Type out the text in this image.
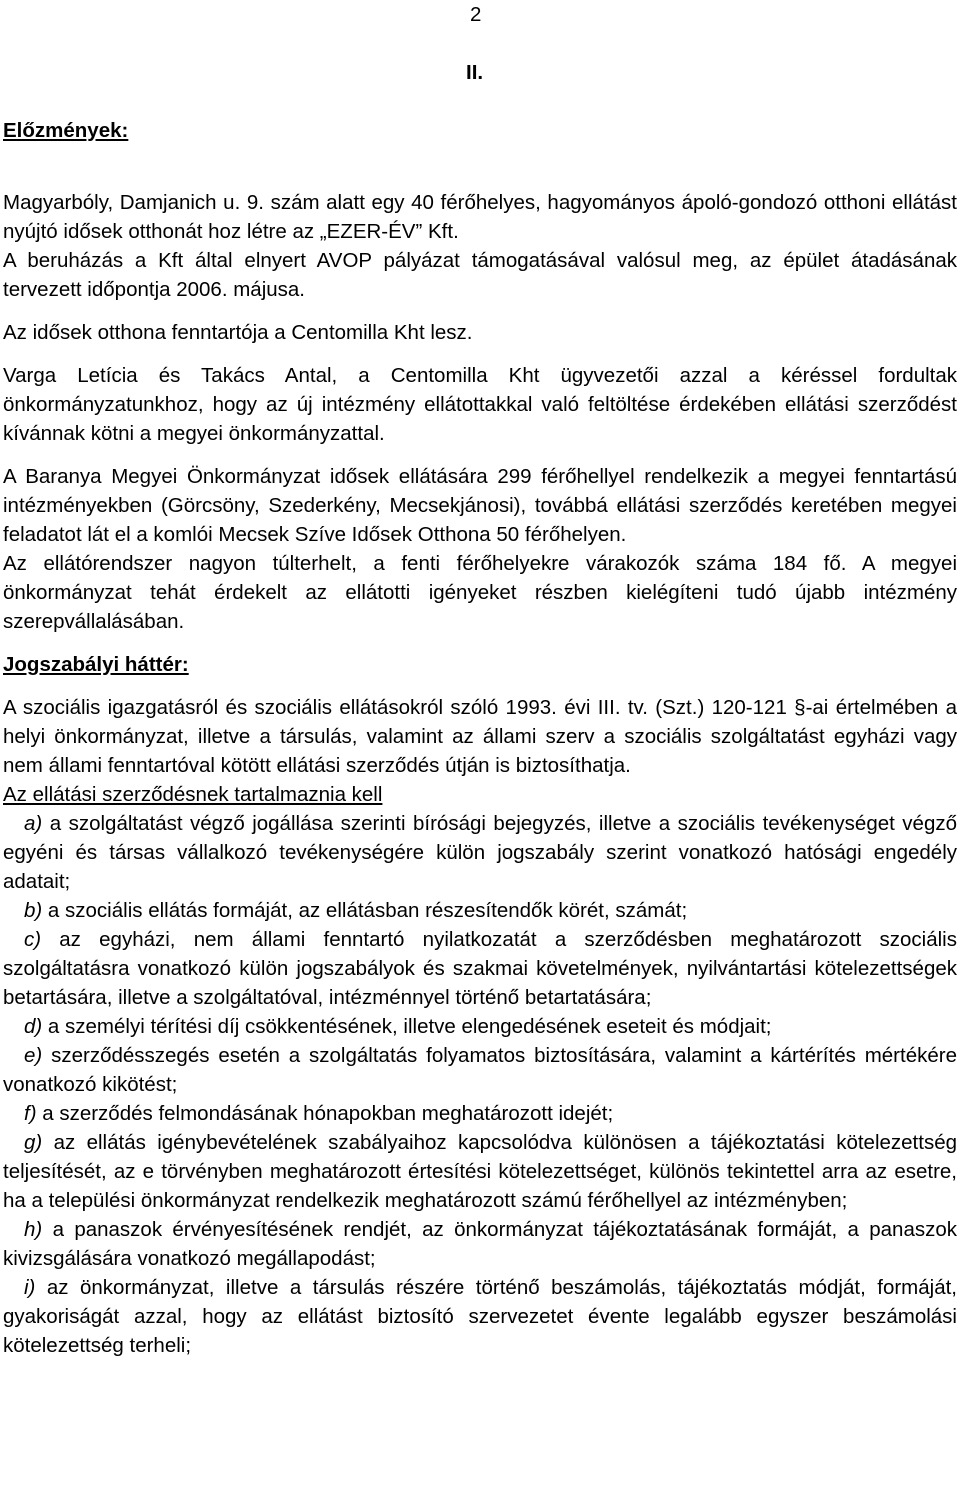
2
II.

Előzmények:

Magyarbóly, Damjanich u. 9. szám alatt egy 40 férőhelyes, hagyományos ápoló-gondozó otthoni ellátást nyújtó idősek otthonát hoz létre az „EZER-ÉV” Kft.

A beruházás a Kft által elnyert AVOP pályázat támogatásával valósul meg, az épület átadásának tervezett időpontja 2006. májusa.

Az idősek otthona fenntartója a Centomilla Kht lesz.

Varga Letícia és Takács Antal, a Centomilla Kht ügyvezetői azzal a kéréssel fordultak önkormányzatunkhoz, hogy az új intézmény ellátottakkal való feltöltése érdekében ellátási szerződést kívánnak kötni a megyei önkormányzattal.

A Baranya Megyei Önkormányzat idősek ellátására 299 férőhellyel rendelkezik a megyei fenntartású intézményekben (Görcsöny, Szederkény, Mecsekjánosi), továbbá ellátási szerződés keretében megyei feladatot lát el a komlói Mecsek Szíve Idősek Otthona 50 férőhelyen.

Az ellátórendszer nagyon túlterhelt, a fenti férőhelyekre várakozók száma 184 fő. A megyei önkormányzat tehát érdekelt az ellátotti igényeket részben kielégíteni tudó újabb intézmény szerepvállalásában.

Jogszabályi háttér:

A szociális igazgatásról és szociális ellátásokról szóló 1993. évi III. tv. (Szt.) 120-121 §-ai értelmében a helyi önkormányzat, illetve a társulás, valamint az állami szerv a szociális szolgáltatást egyházi vagy nem állami fenntartóval kötött ellátási szerződés útján is biztosíthatja.

Az ellátási szerződésnek tartalmaznia kell

a) a szolgáltatást végző jogállása szerinti bírósági bejegyzés, illetve a szociális tevékenységet végző egyéni és társas vállalkozó tevékenységére külön jogszabály szerint vonatkozó hatósági engedély adatait;

b) a szociális ellátás formáját, az ellátásban részesítendők körét, számát;

c) az egyházi, nem állami fenntartó nyilatkozatát a szerződésben meghatározott szociális szolgáltatásra vonatkozó külön jogszabályok és szakmai követelmények, nyilvántartási kötelezettségek betartására, illetve a szolgáltatóval, intézménnyel történő betartatására;

d) a személyi térítési díj csökkentésének, illetve elengedésének eseteit és módjait;

e) szerződésszegés esetén a szolgáltatás folyamatos biztosítására, valamint a kártérítés mértékére vonatkozó kikötést;

f) a szerződés felmondásának hónapokban meghatározott idejét;

g) az ellátás igénybevételének szabályaihoz kapcsolódva különösen a tájékoztatási kötelezettség teljesítését, az e törvényben meghatározott értesítési kötelezettséget, különös tekintettel arra az esetre, ha a települési önkormányzat rendelkezik meghatározott számú férőhellyel az intézményben;

h) a panaszok érvényesítésének rendjét, az önkormányzat tájékoztatásának formáját, a panaszok kivizsgálására vonatkozó megállapodást;

i) az önkormányzat, illetve a társulás részére történő beszámolás, tájékoztatás módját, formáját, gyakoriságát azzal, hogy az ellátást biztosító szervezetet évente legalább egyszer beszámolási kötelezettség terheli;
